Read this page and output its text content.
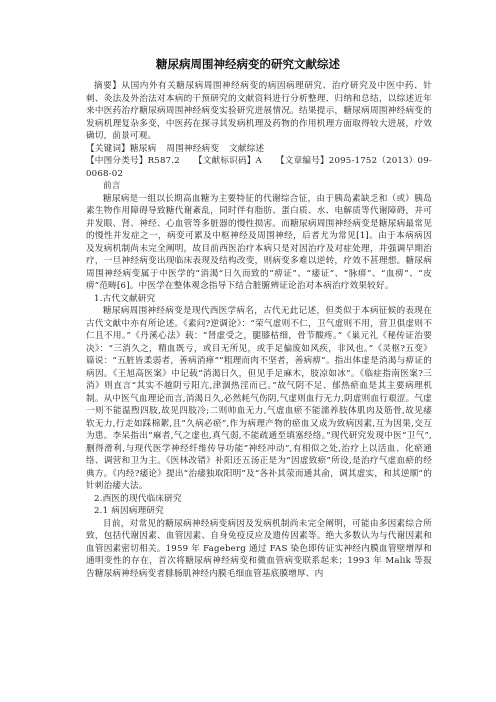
糖尿病周围神经病变的研究文献综述

摘要】从国内外有关糖尿病周围神经病变的病因病理研究、治疗研究及中医中药、针刺、灸法及外治法对本病的干预研究的文献资料进行分析整理、归纳和总结，以综述近年来中医药治疗糖尿病周围神经病变实验研究进展情况。结果提示，糖尿病周围神经病变的发病机理复杂多变，中医药在探寻其发病机理及药物的作用机理方面取得较大进展，疗效确切，前景可观。

【关键词】糖尿病 周围神经病变 文献综述

【中图分类号】R587.2 【文献标识码】A 【文章编号】2095-1752（2013）09-0068-02

前言

糖尿病是一组以长期高血糖为主要特征的代谢综合征，由于胰岛素缺乏和（或）胰岛素生物作用障碍导致糖代谢紊乱，同时伴有脂肪、蛋白质、水、电解质等代谢障碍，并可并发眼、肾、神经、心血管等多脏器的慢性损害。而糖尿病周围神经病变是糖尿病最常见的慢性并发症之一，病变可累及中枢神经及周围神经，后者尤为常见[1]。由于本病病因及发病机制尚未完全阐明，故目前西医治疗本病只是对因治疗及对症处理，并强调早期治疗，一旦神经病变出现临床表现及结构改变，则病变多难以逆转，疗效不甚理想。糖尿病周围神经病变属于中医学的“消渴”日久而致的“痹证”、“痿证”、“脉痹”、“血痹”、“皮痹”范畴[6]。中医学在整体观念指导下结合脏腑辨证论治对本病治疗效果较好。

1.古代文献研究

糖尿病周围神经病变是现代西医学病名，古代无此记述，但类似于本病征候的表现在古代文献中亦有所论述。《素问?逆调论》：“荣气虚则不仁，卫气虚则不用，营卫俱虚则不仁且不用。”《丹溪心法》载：“肾虚受之，腿膝枯细，骨节酸疼。”《巢元礼《秘传证治要决》：“三消久之，精血既亏，或目无所见，或手足偏废如风疾，非风也。”《灵枢?五变》篇说：“五脏皆柔弱者，善病消瘅”“粗理而肉不坚者，善病痹”。指出体虚是消渴与痹证的病因。《王旭高医案》中记载“消渴日久，但见手足麻木，肢凉如冰”。《临症指南医案?三消》则直言“其实不越阴亏阳亢,津涸热淫而已。”故气阴不足、郁热瘀血是其主要病理机制。从中医气血理论而言,消渴日久,必然耗气伤阴,气虚则血行无力,阴虚则血行艰涩。气虚一则不能温煦四肢,故见四肢冷;二则帅血无力,气虚血瘀不能濡养肢体肌肉及筋骨,故见痿软无力,行走如踩棉絮,且“久病必瘀”,作为病理产物的瘀血又成为致病因素,互为因果,交互为患。李呆指出“麻者,气之虚也,真气弱,不能疏通至填塞经络。”现代研究发现中医“卫气”,删得滑利,与现代医学神经纤维传导功能“神经冲动”,有相似之处,治疗上以活血、化瘀通络、调营和卫为主。《医林改错》补阳还五汤正是为“因虚致瘀”所设,是治疗气虚血瘀的经典方。《内经?痿论》提出“治痿独取阳明”及“各补其荥而通其俞，调其虚实，和其逆顺”的针刺治痿大法。

2.西医的现代临床研究

2.1 病因病理研究

目前，对常见的糖尿病神经病变病因及发病机制尚未完全阐明，可能由多因素综合所致，包括代谢因素、血管因素、自身免疫反应及遗传因素等。绝大多数认为与代谢因素和血管因素密切相关。1959 年 Fageberg 通过 FAS 染色即传证实神经内膜血管壁增厚和通明变性的存在，首次将糖尿病神经病变和微血管病变联系起来；1993 年 Malik 等报告糖尿病神经病变者腓肠肌神经内膜毛细血管基底膜增厚、内
